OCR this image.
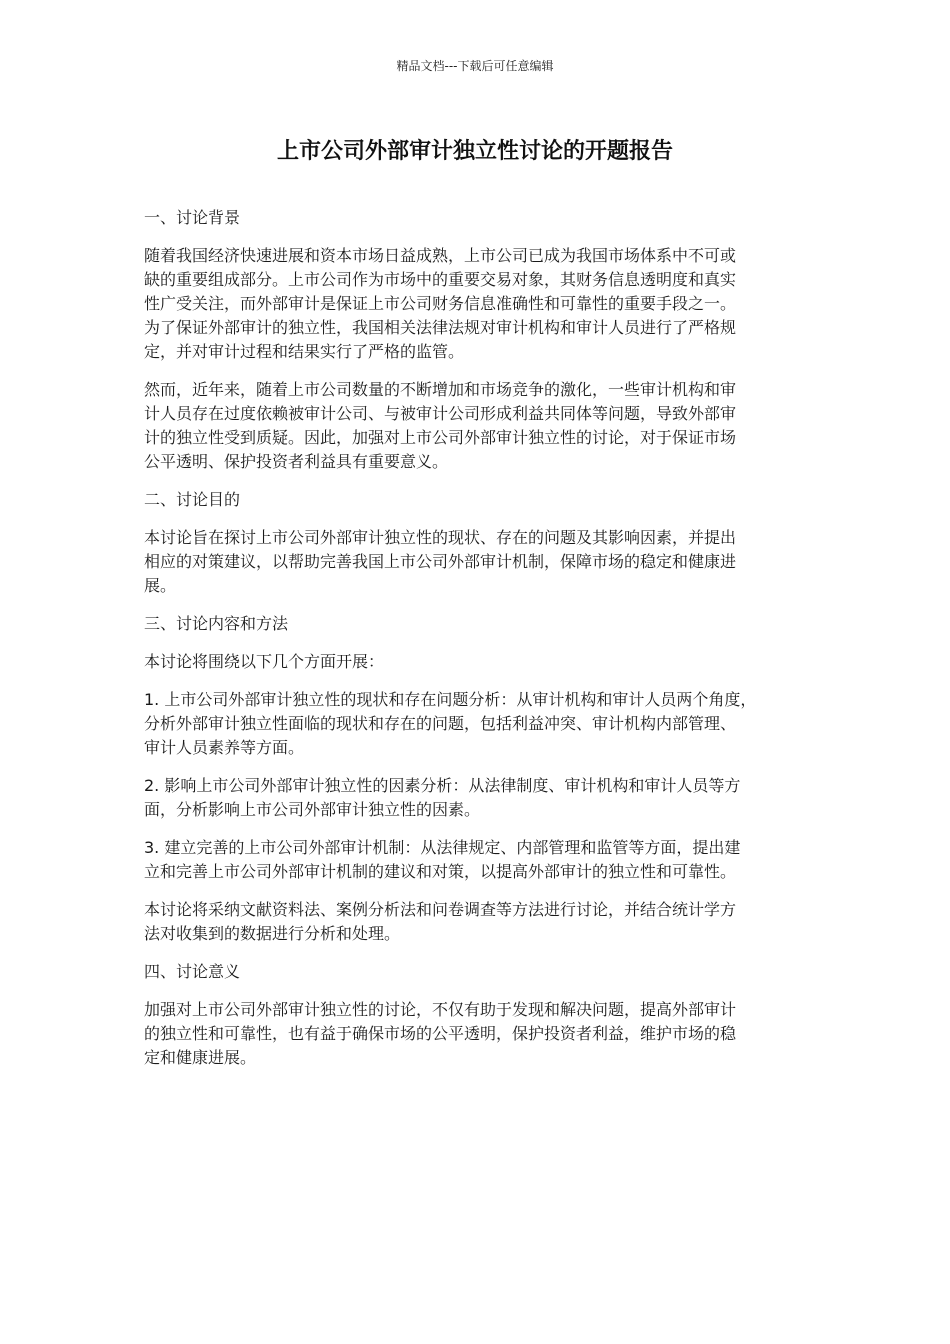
精品文档---下载后可任意编辑
上市公司外部审计独立性讨论的开题报告

一、讨论背景

随着我国经济快速进展和资本市场日益成熟，上市公司已成为我国市场体系中不可或
缺的重要组成部分。上市公司作为市场中的重要交易对象，其财务信息透明度和真实
性广受关注，而外部审计是保证上市公司财务信息准确性和可靠性的重要手段之一。
为了保证外部审计的独立性，我国相关法律法规对审计机构和审计人员进行了严格规
定，并对审计过程和结果实行了严格的监管。

然而，近年来，随着上市公司数量的不断增加和市场竞争的激化，一些审计机构和审
计人员存在过度依赖被审计公司、与被审计公司形成利益共同体等问题，导致外部审
计的独立性受到质疑。因此，加强对上市公司外部审计独立性的讨论，对于保证市场
公平透明、保护投资者利益具有重要意义。

二、讨论目的

本讨论旨在探讨上市公司外部审计独立性的现状、存在的问题及其影响因素，并提出
相应的对策建议，以帮助完善我国上市公司外部审计机制，保障市场的稳定和健康进
展。

三、讨论内容和方法

本讨论将围绕以下几个方面开展：

1. 上市公司外部审计独立性的现状和存在问题分析：从审计机构和审计人员两个角度，
分析外部审计独立性面临的现状和存在的问题，包括利益冲突、审计机构内部管理、
审计人员素养等方面。

2. 影响上市公司外部审计独立性的因素分析：从法律制度、审计机构和审计人员等方
面，分析影响上市公司外部审计独立性的因素。

3. 建立完善的上市公司外部审计机制：从法律规定、内部管理和监管等方面，提出建
立和完善上市公司外部审计机制的建议和对策，以提高外部审计的独立性和可靠性。

本讨论将采纳文献资料法、案例分析法和问卷调查等方法进行讨论，并结合统计学方
法对收集到的数据进行分析和处理。

四、讨论意义

加强对上市公司外部审计独立性的讨论，不仅有助于发现和解决问题，提高外部审计
的独立性和可靠性，也有益于确保市场的公平透明，保护投资者利益，维护市场的稳
定和健康进展。
